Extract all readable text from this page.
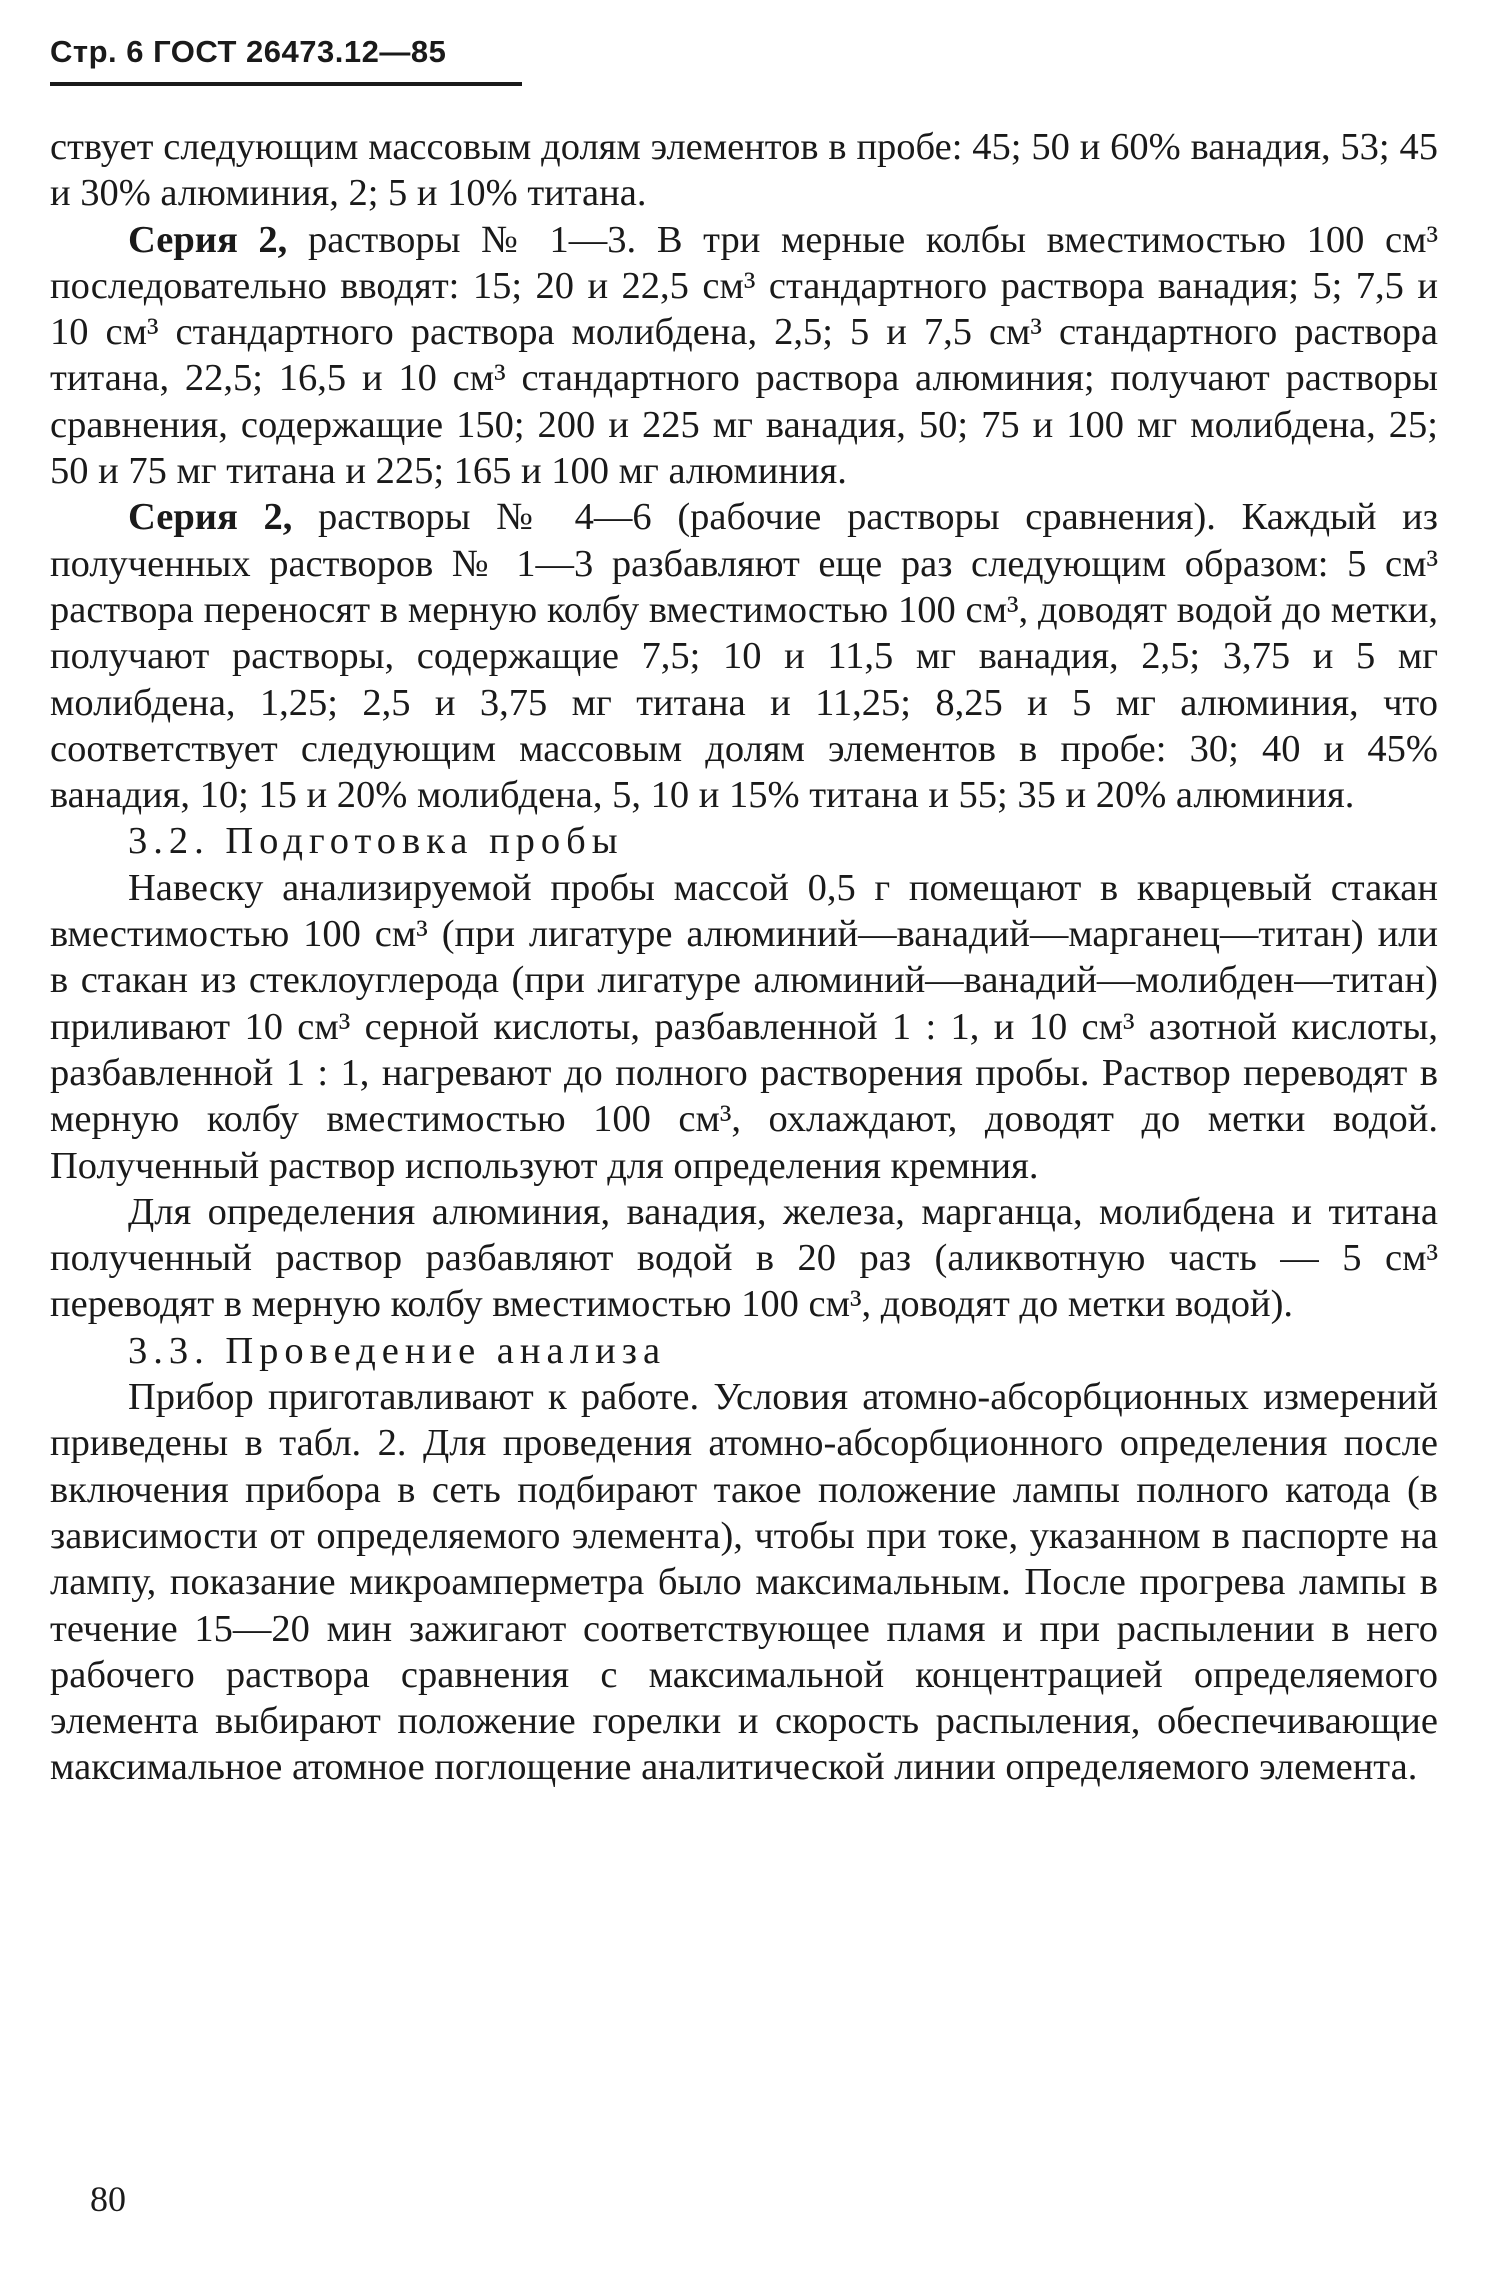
Стр. 6 ГОСТ 26473.12—85

ствует следующим массовым долям элементов в пробе: 45; 50 и 60% ванадия, 53; 45 и 30% алюминия, 2; 5 и 10% титана.

Серия 2, растворы № 1—3. В три мерные колбы вместимостью 100 см³ последовательно вводят: 15; 20 и 22,5 см³ стандартного раствора ванадия; 5; 7,5 и 10 см³ стандартного раствора молибдена, 2,5; 5 и 7,5 см³ стандартного раствора титана, 22,5; 16,5 и 10 см³ стандартного раствора алюминия; получают растворы сравнения, содержащие 150; 200 и 225 мг ванадия, 50; 75 и 100 мг молибдена, 25; 50 и 75 мг титана и 225; 165 и 100 мг алюминия.

Серия 2, растворы № 4—6 (рабочие растворы сравнения). Каждый из полученных растворов № 1—3 разбавляют еще раз следующим образом: 5 см³ раствора переносят в мерную колбу вместимостью 100 см³, доводят водой до метки, получают растворы, содержащие 7,5; 10 и 11,5 мг ванадия, 2,5; 3,75 и 5 мг молибдена, 1,25; 2,5 и 3,75 мг титана и 11,25; 8,25 и 5 мг алюминия, что соответствует следующим массовым долям элементов в пробе: 30; 40 и 45% ванадия, 10; 15 и 20% молибдена, 5, 10 и 15% титана и 55; 35 и 20% алюминия.

3.2. Подготовка пробы

Навеску анализируемой пробы массой 0,5 г помещают в кварцевый стакан вместимостью 100 см³ (при лигатуре алюминий—ванадий—марганец—титан) или в стакан из стеклоуглерода (при лигатуре алюминий—ванадий—молибден—титан) приливают 10 см³ серной кислоты, разбавленной 1 : 1, и 10 см³ азотной кислоты, разбавленной 1 : 1, нагревают до полного растворения пробы. Раствор переводят в мерную колбу вместимостью 100 см³, охлаждают, доводят до метки водой. Полученный раствор используют для определения кремния.

Для определения алюминия, ванадия, железа, марганца, молибдена и титана полученный раствор разбавляют водой в 20 раз (аликвотную часть — 5 см³ переводят в мерную колбу вместимостью 100 см³, доводят до метки водой).

3.3. Проведение анализа

Прибор приготавливают к работе. Условия атомно-абсорбционных измерений приведены в табл. 2. Для проведения атомно-абсорбционного определения после включения прибора в сеть подбирают такое положение лампы полного катода (в зависимости от определяемого элемента), чтобы при токе, указанном в паспорте на лампу, показание микроамперметра было максимальным. После прогрева лампы в течение 15—20 мин зажигают соответствующее пламя и при распылении в него рабочего раствора сравнения с максимальной концентрацией определяемого элемента выбирают положение горелки и скорость распыления, обеспечивающие максимальное атомное поглощение аналитической линии определяемого элемента.

80
